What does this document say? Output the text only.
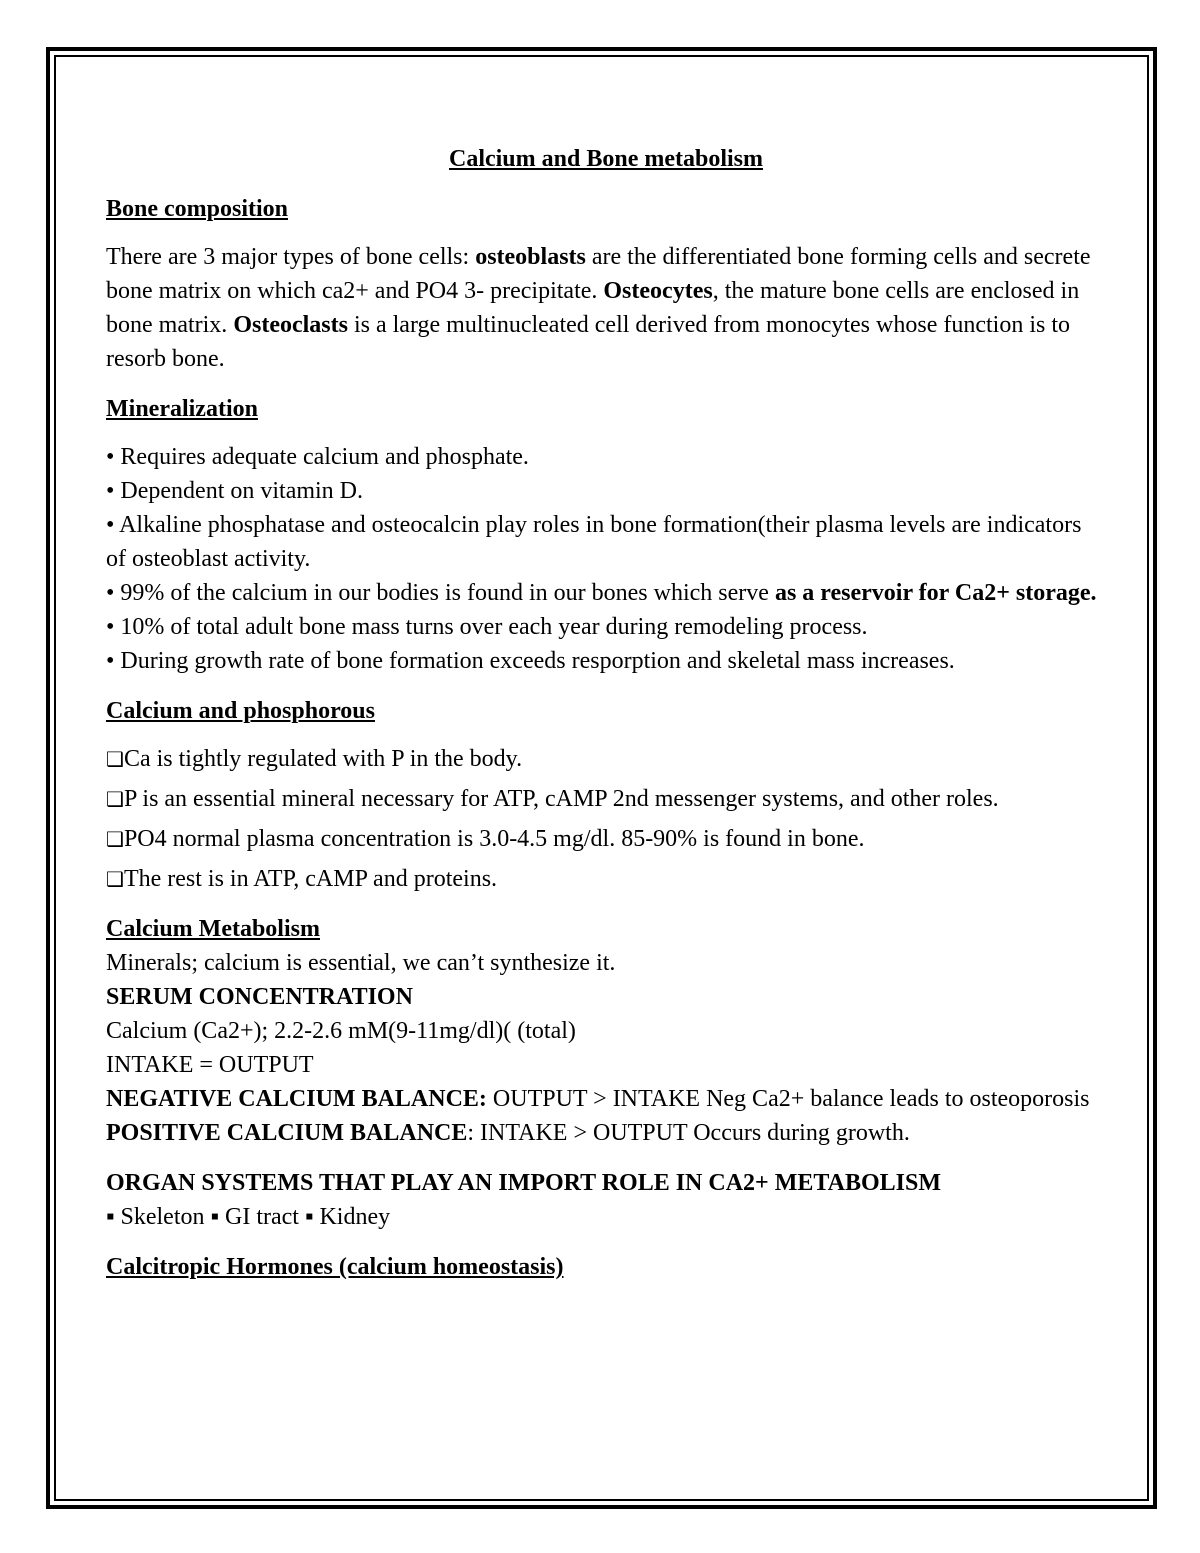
Calcium and Bone metabolism

Bone composition

There are 3 major types of bone cells: osteoblasts are the differentiated bone forming cells and secrete bone matrix on which ca2+ and PO4 3- precipitate. Osteocytes, the mature bone cells are enclosed in bone matrix. Osteoclasts is a large multinucleated cell derived from monocytes whose function is to resorb bone.

Mineralization

• Requires adequate calcium and phosphate.

• Dependent on vitamin D.

• Alkaline phosphatase and osteocalcin play roles in bone formation(their plasma levels are indicators of osteoblast activity.

• 99% of the calcium in our bodies is found in our bones which serve as a reservoir for Ca2+ storage.

• 10% of total adult bone mass turns over each year during remodeling process.

• During growth rate of bone formation exceeds resporption and skeletal mass increases.

Calcium and phosphorous

❑Ca is tightly regulated with P in the body.

❑P is an essential mineral necessary for ATP, cAMP 2nd messenger systems, and other roles.

❑PO4 normal plasma concentration is 3.0-4.5 mg/dl. 85-90% is found in bone.

❑The rest is in ATP, cAMP and proteins.

Calcium Metabolism

Minerals; calcium is essential, we can’t synthesize it.

SERUM CONCENTRATION

Calcium (Ca2+); 2.2-2.6 mM(9-11mg/dl)( (total)

INTAKE = OUTPUT

NEGATIVE CALCIUM BALANCE: OUTPUT > INTAKE Neg Ca2+ balance leads to osteoporosis

POSITIVE CALCIUM BALANCE: INTAKE > OUTPUT Occurs during growth.

ORGAN SYSTEMS THAT PLAY AN IMPORT ROLE IN CA2+ METABOLISM

▪ Skeleton ▪ GI tract ▪ Kidney

Calcitropic Hormones (calcium homeostasis)
